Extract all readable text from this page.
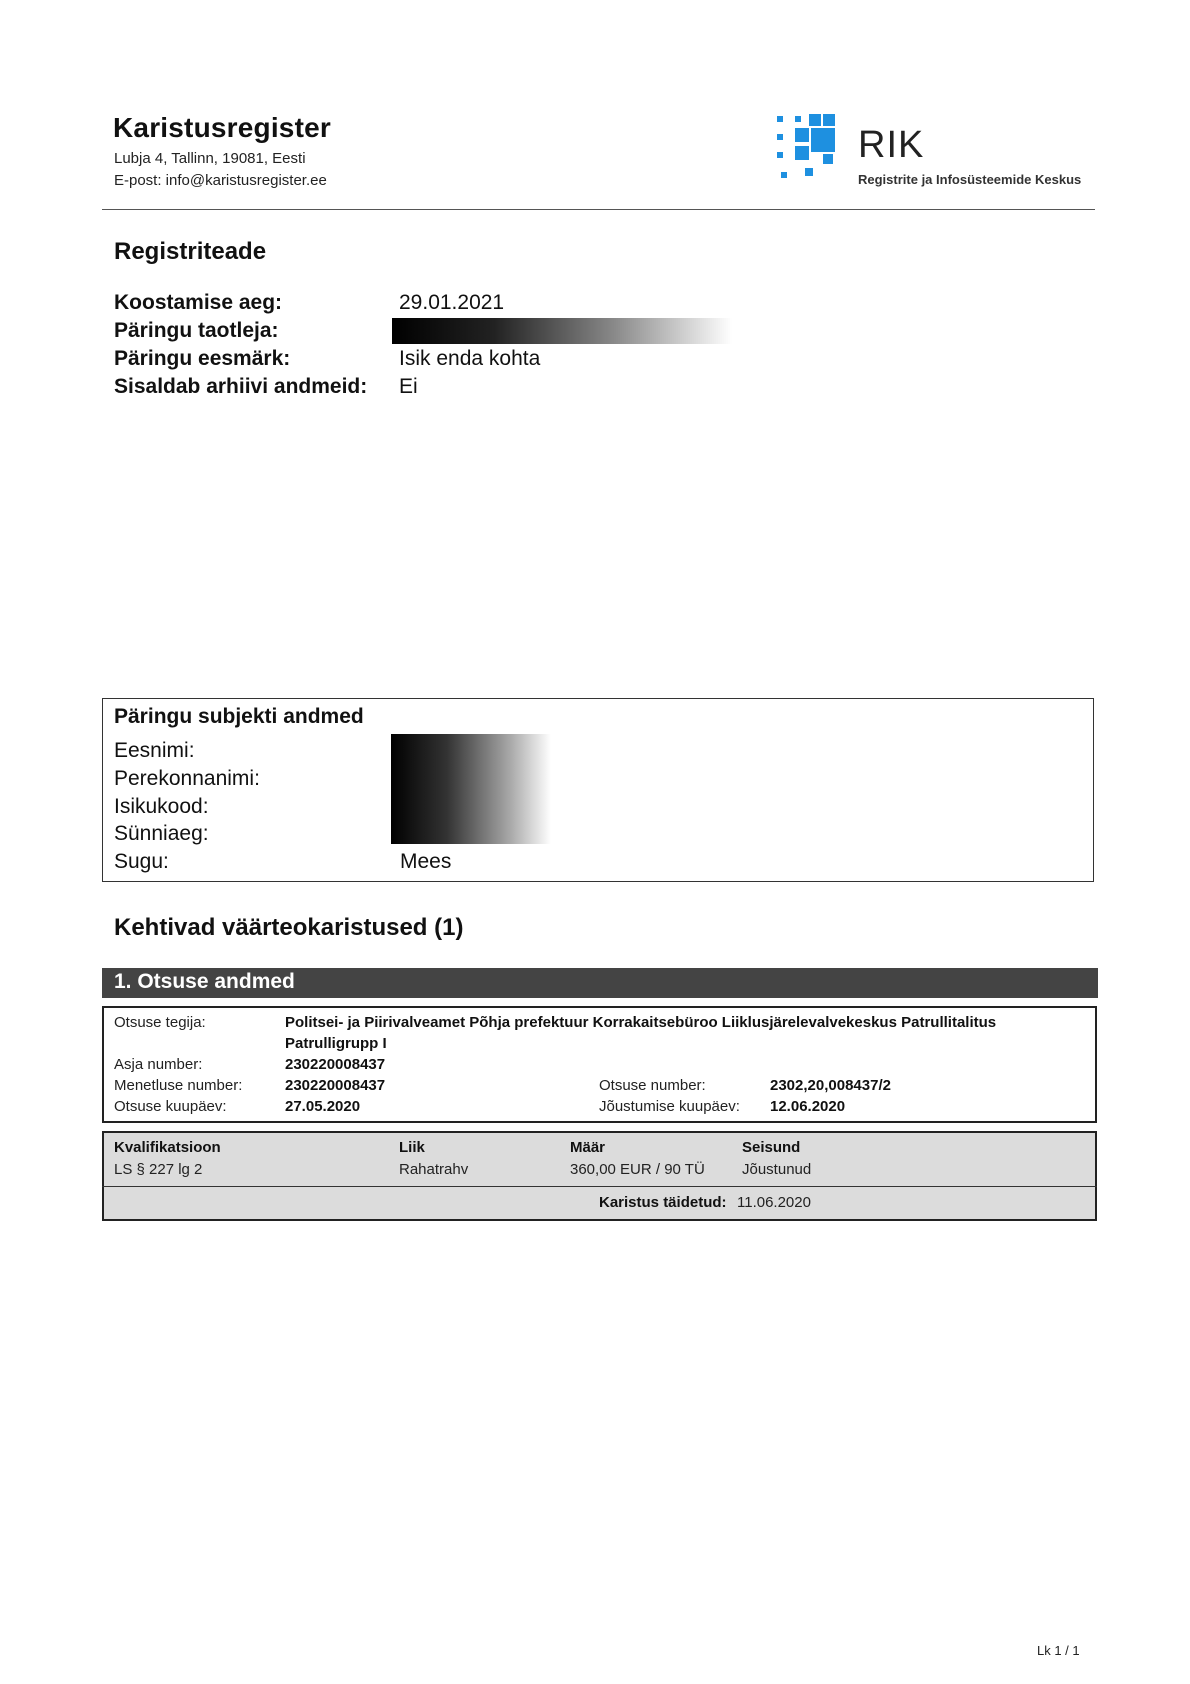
Karistusregister
Lubja 4, Tallinn, 19081, Eesti
E-post: info@karistusregister.ee
RIK
Registrite ja Infosüsteemide Keskus
Registriteade
Koostamise aeg:	29.01.2021
Päringu taotleja:
Päringu eesmärk:	Isik enda kohta
Sisaldab arhiivi andmeid: Ei
Päringu subjekti andmed
Eesnimi:
Perekonnanimi:
Isikukood:
Sünniaeg:
Sugu:	Mees
Kehtivad väärteokaristused (1)
1. Otsuse andmed
Otsuse tegija:	Politsei- ja Piirivalveamet Põhja prefektuur Korrakaitsebüroo Liiklusjärelevalvekeskus Patrullitalitus
Patrulligrupp I
Asja number:	230220008437
Menetluse number:	230220008437	Otsuse number:	2302,20,008437/2
Otsuse kuupäev:	27.05.2020	Jõustumise kuupäev: 12.06.2020
Kvalifikatsioon	Liik	Määr	Seisund
LS § 227 lg 2	Rahatrahv	360,00 EUR / 90 TÜ Jõustunud
Karistus täidetud: 11.06.2020
Lk 1 / 1
